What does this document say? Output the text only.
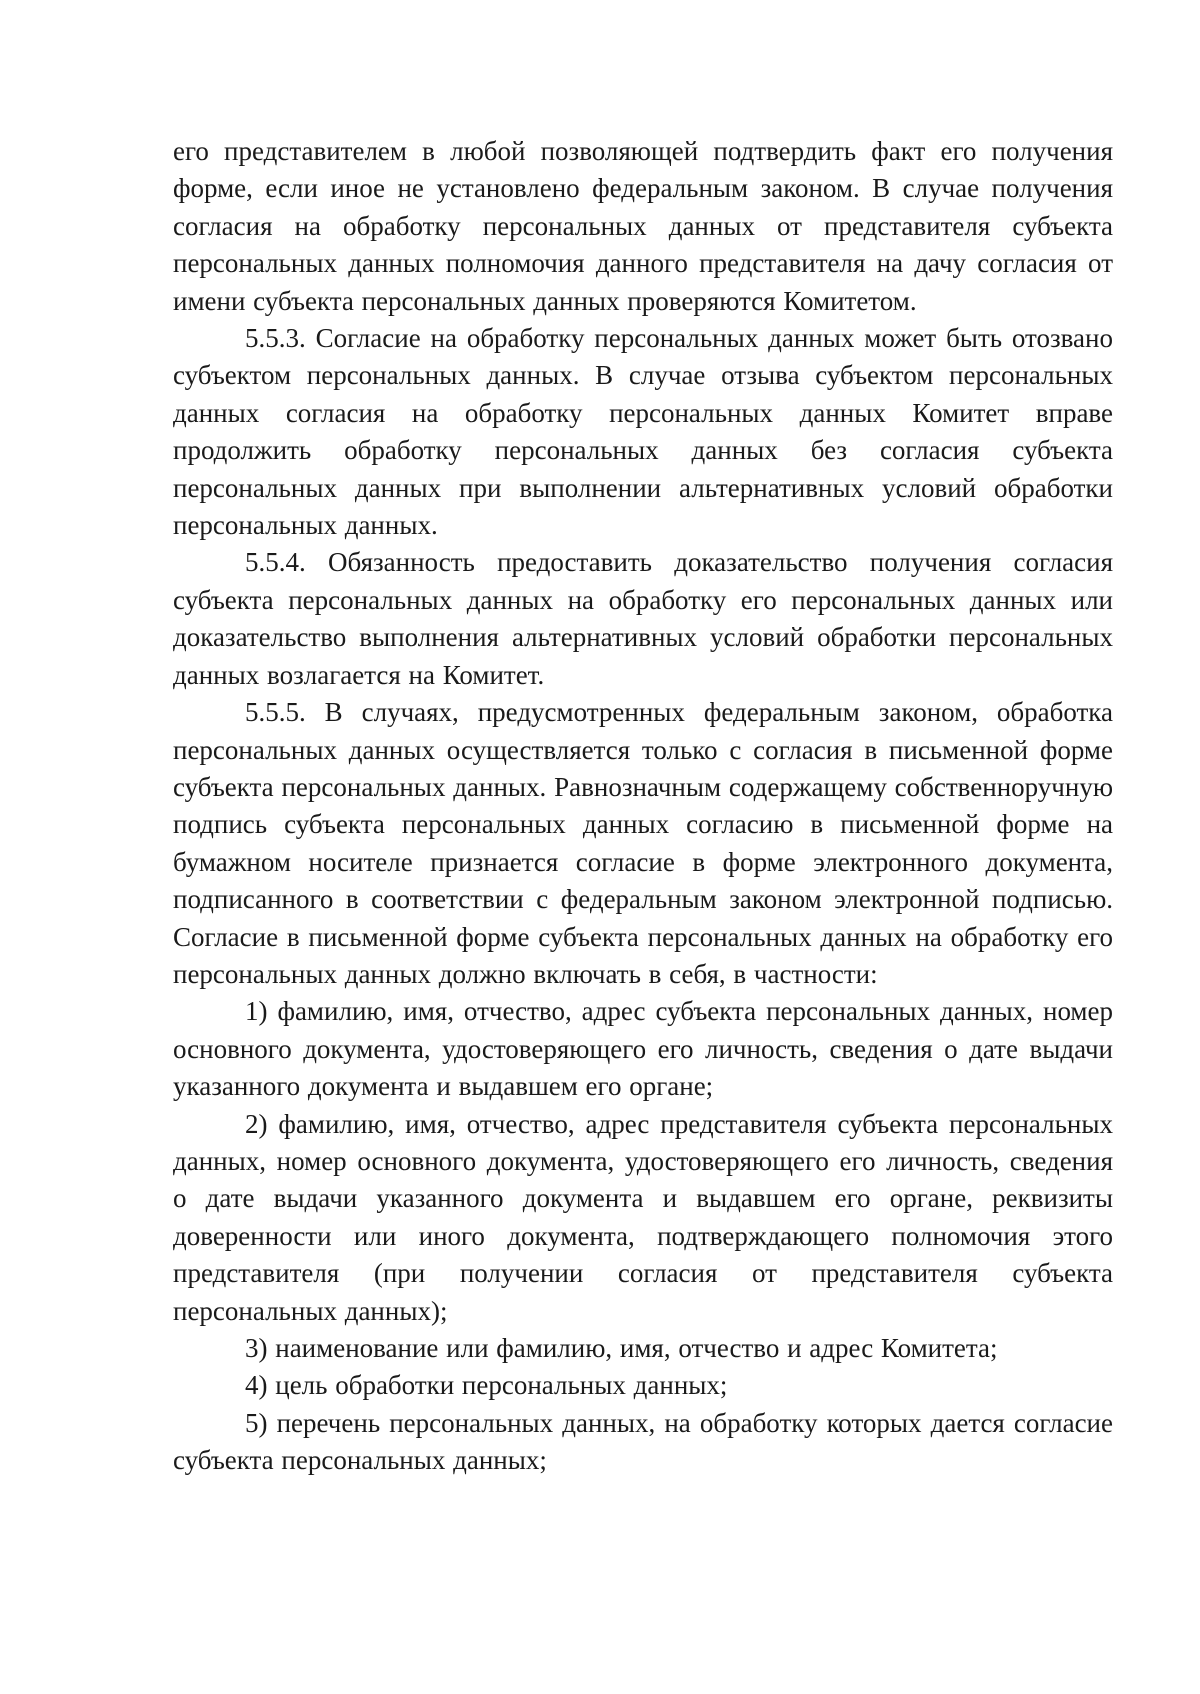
его представителем в любой позволяющей подтвердить факт его получения форме, если иное не установлено федеральным законом. В случае получения согласия на обработку персональных данных от представителя субъекта персональных данных полномочия данного представителя на дачу согласия от имени субъекта персональных данных проверяются Комитетом.

5.5.3. Согласие на обработку персональных данных может быть отозвано субъектом персональных данных. В случае отзыва субъектом персональных данных согласия на обработку персональных данных Комитет вправе продолжить обработку персональных данных без согласия субъекта персональных данных при выполнении альтернативных условий обработки персональных данных.

5.5.4. Обязанность предоставить доказательство получения согласия субъекта персональных данных на обработку его персональных данных или доказательство выполнения альтернативных условий обработки персональных данных возлагается на Комитет.

5.5.5. В случаях, предусмотренных федеральным законом, обработка персональных данных осуществляется только с согласия в письменной форме субъекта персональных данных. Равнозначным содержащему собственноручную подпись субъекта персональных данных согласию в письменной форме на бумажном носителе признается согласие в форме электронного документа, подписанного в соответствии с федеральным законом электронной подписью. Согласие в письменной форме субъекта персональных данных на обработку его персональных данных должно включать в себя, в частности:

1) фамилию, имя, отчество, адрес субъекта персональных данных, номер основного документа, удостоверяющего его личность, сведения о дате выдачи указанного документа и выдавшем его органе;

2) фамилию, имя, отчество, адрес представителя субъекта персональных данных, номер основного документа, удостоверяющего его личность, сведения о дате выдачи указанного документа и выдавшем его органе, реквизиты доверенности или иного документа, подтверждающего полномочия этого представителя (при получении согласия от представителя субъекта персональных данных);

3) наименование или фамилию, имя, отчество и адрес Комитета;

4) цель обработки персональных данных;

5) перечень персональных данных, на обработку которых дается согласие субъекта персональных данных;
